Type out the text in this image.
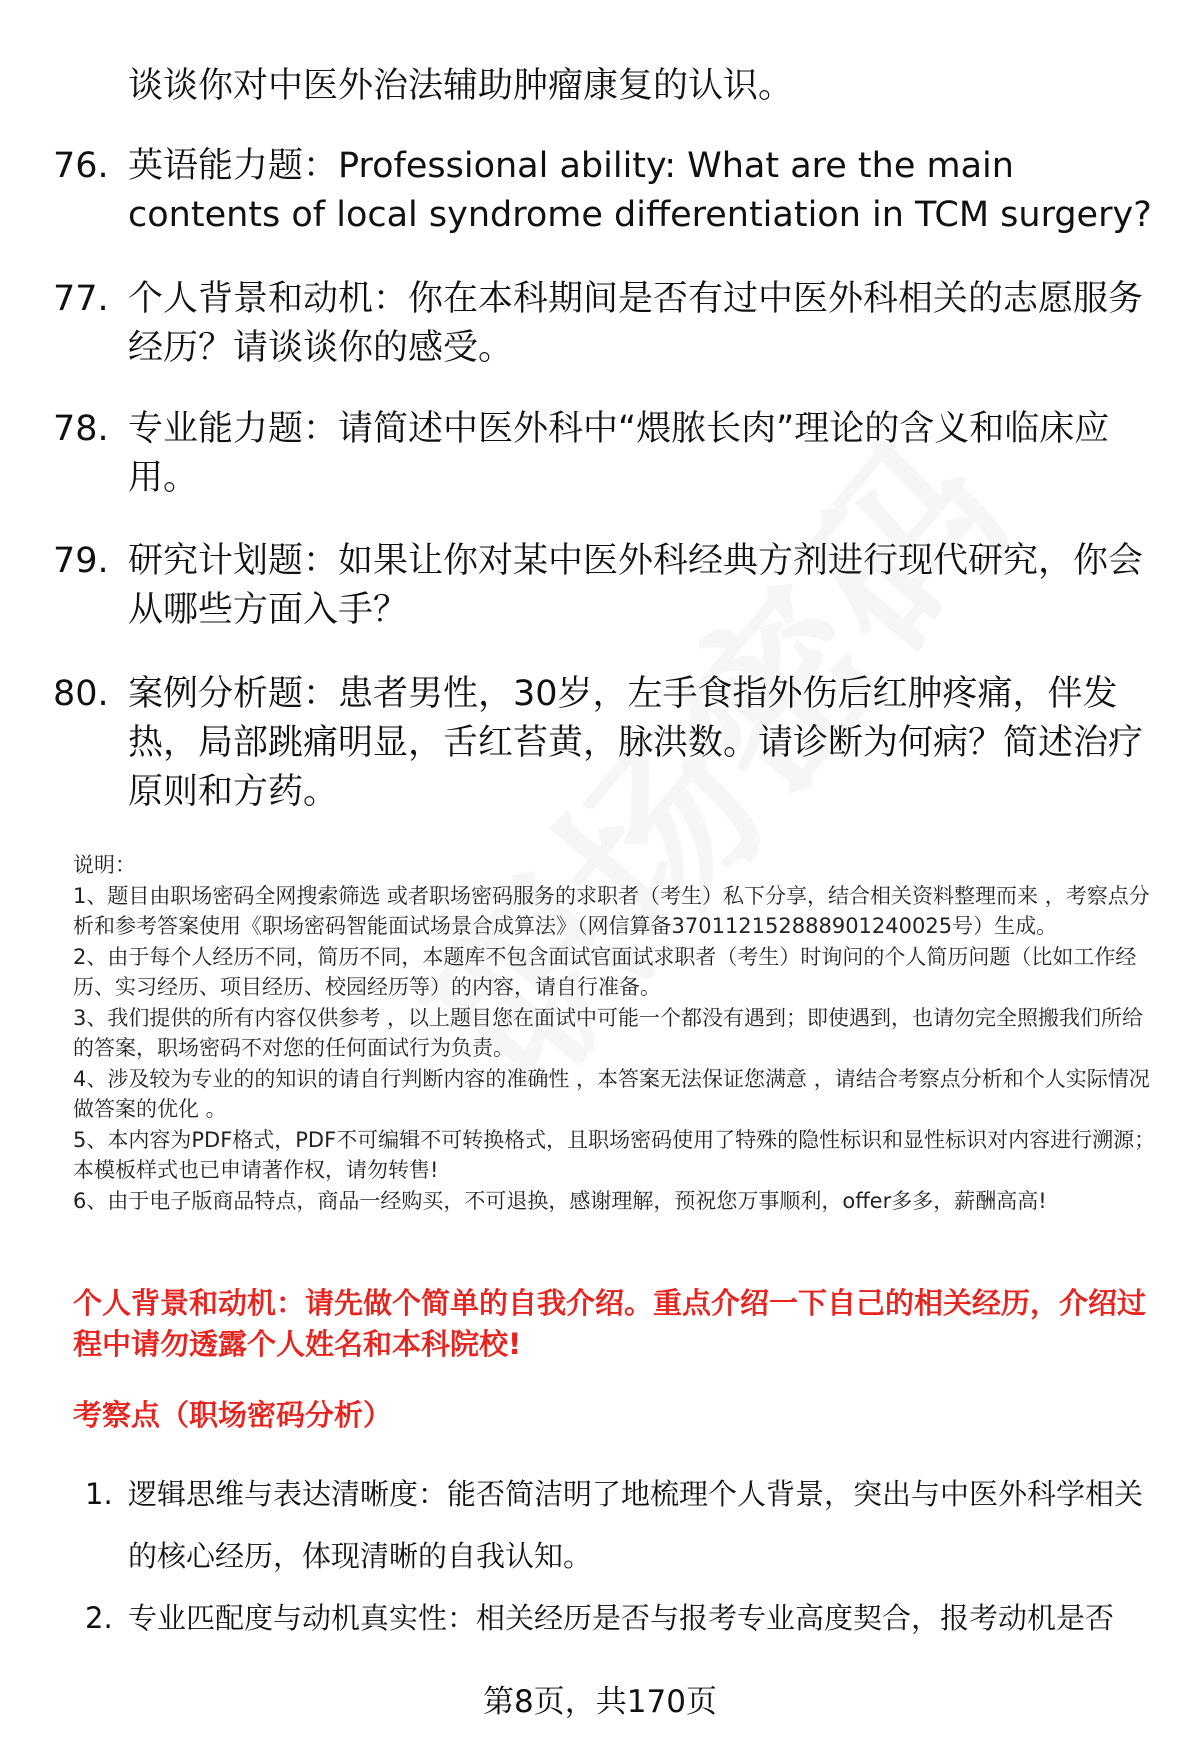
谈谈你对中医外治法辅助肿瘤康复的认识。
76. 英语能力题：Professional ability: What are the main contents of local syndrome differentiation in TCM surgery?
77. 个人背景和动机：你在本科期间是否有过中医外科相关的志愿服务经历？请谈谈你的感受。
78. 专业能力题：请简述中医外科中“煨脓长肉”理论的含义和临床应用。
79. 研究计划题：如果让你对某中医外科经典方剂进行现代研究，你会从哪些方面入手？
80. 案例分析题：患者男性，30岁，左手食指外伤后红肿疼痛，伴发热，局部跳痛明显，舌红苔黄，脉洪数。请诊断为何病？简述治疗原则和方药。
说明：
1、题目由职场密码全网搜索筛选 或者职场密码服务的求职者（考生）私下分享，结合相关资料整理而来 ，考察点分析和参考答案使用《职场密码智能面试场景合成算法》（网信算备370112152888901240025号）生成。
2、由于每个人经历不同，简历不同，本题库不包含面试官面试求职者（考生）时询问的个人简历问题（比如工作经历、实习经历、项目经历、校园经历等）的内容，请自行准备。
3、我们提供的所有内容仅供参考 ，以上题目您在面试中可能一个都没有遇到；即使遇到，也请勿完全照搬我们所给的答案，职场密码不对您的任何面试行为负责。
4、涉及较为专业的的知识的请自行判断内容的准确性 ，本答案无法保证您满意 ，请结合考察点分析和个人实际情况做答案的优化 。
5、本内容为PDF格式，PDF不可编辑不可转换格式，且职场密码使用了特殊的隐性标识和显性标识对内容进行溯源；本模板样式也已申请著作权，请勿转售!
6、由于电子版商品特点，商品一经购买，不可退换，感谢理解，预祝您万事顺利，offer多多，薪酬高高!
个人背景和动机：请先做个简单的自我介绍。重点介绍一下自己的相关经历，介绍过程中请勿透露个人姓名和本科院校!
考察点（职场密码分析）
1. 逻辑思维与表达清晰度：能否简洁明了地梳理个人背景，突出与中医外科学相关的核心经历，体现清晰的自我认知。
2. 专业匹配度与动机真实性：相关经历是否与报考专业高度契合，报考动机是否
第8页，共170页
